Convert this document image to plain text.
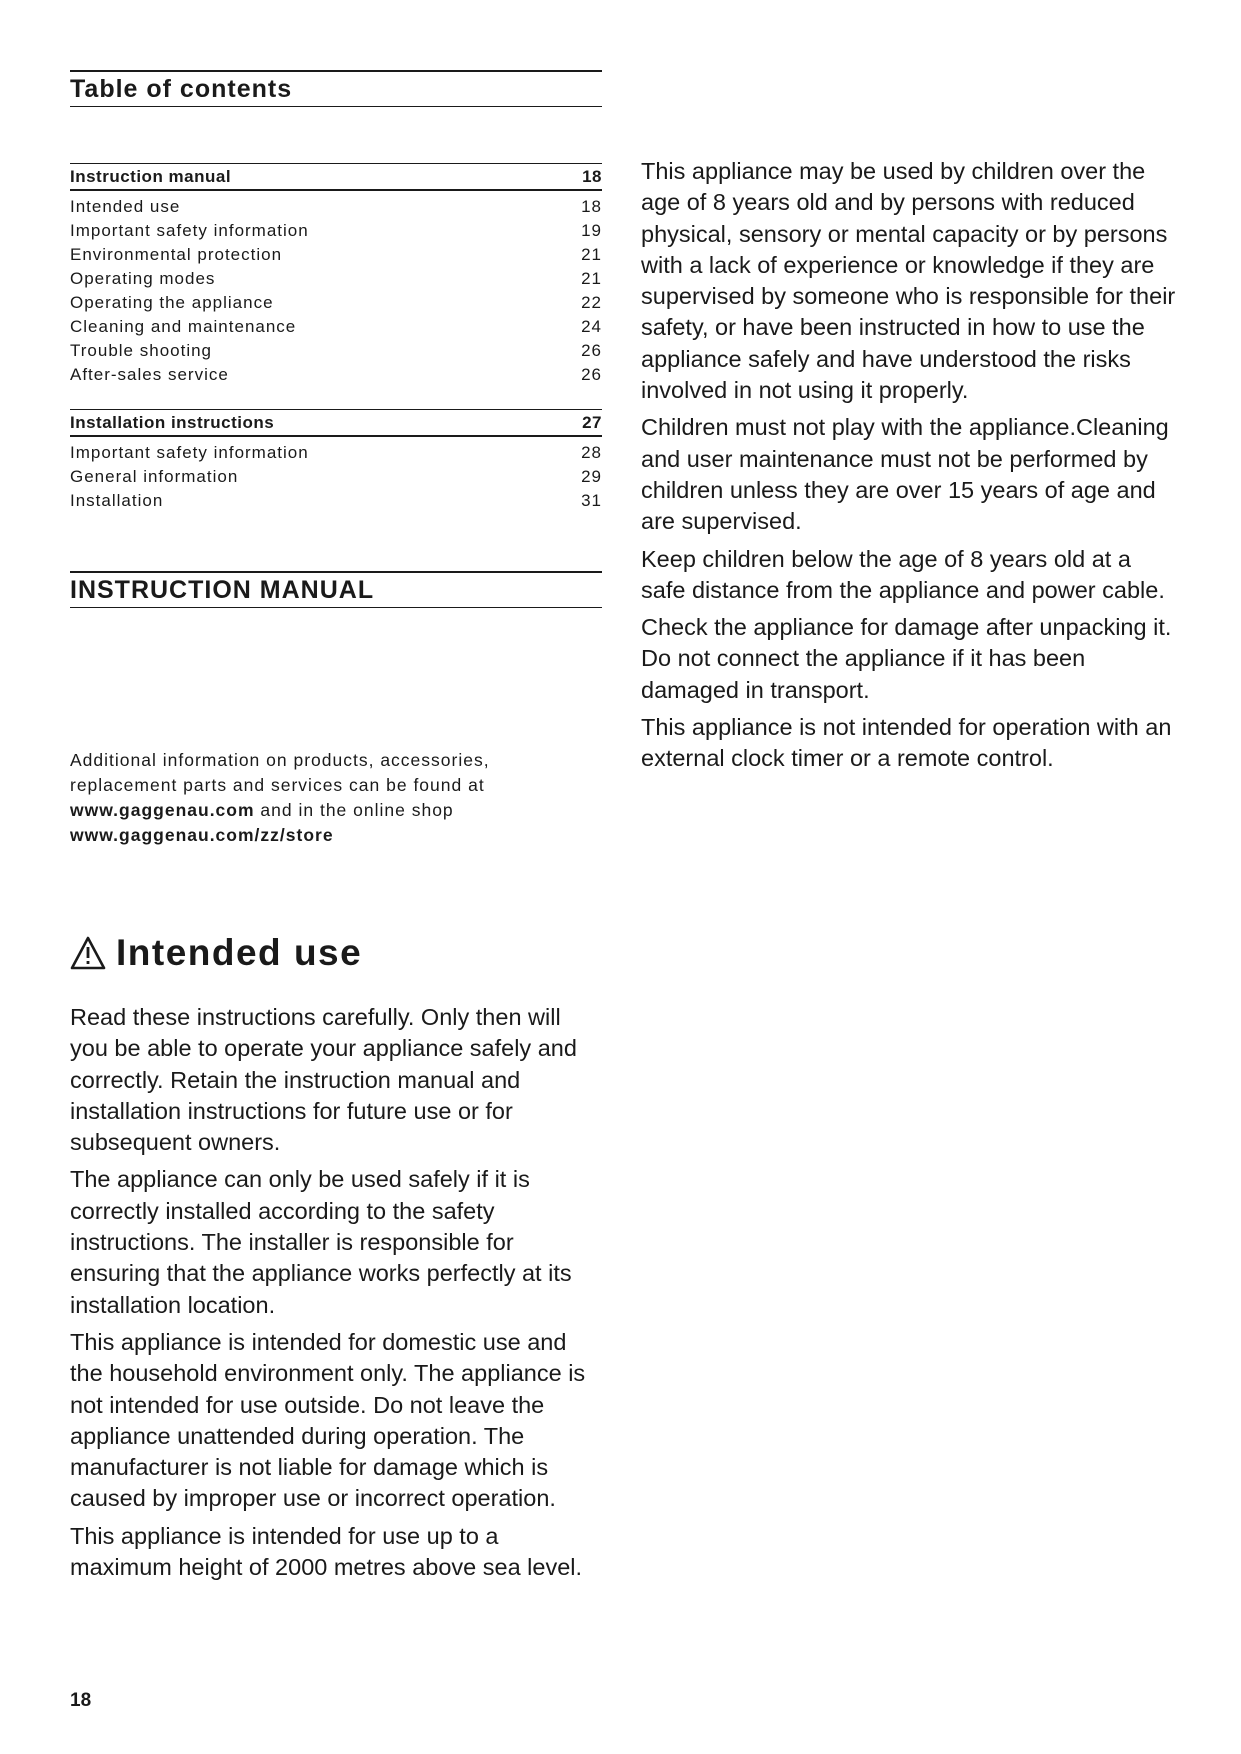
Table of contents
Instruction manual	18
Intended use	18
Important safety information	19
Environmental protection	21
Operating modes	21
Operating the appliance	22
Cleaning and maintenance	24
Trouble shooting	26
After-sales service	26
Installation instructions	27
Important safety information	28
General information	29
Installation	31
INSTRUCTION MANUAL

Additional information on products, accessories,

replacement parts and services can be found at

www.gaggenau.com and in the online shop

www.gaggenau.com/zz/store

Intended use

Read these instructions carefully. Only then will you be able to operate your appliance safely and correctly. Retain the instruction manual and installation instructions for future use or for subsequent owners.

The appliance can only be used safely if it is correctly installed according to the safety instructions. The installer is responsible for ensuring that the appliance works perfectly at its installation location.

This appliance is intended for domestic use and the household environment only. The appliance is not intended for use outside. Do not leave the appliance unattended during operation. The manufacturer is not liable for damage which is caused by improper use or incorrect operation.

This appliance is intended for use up to a maximum height of 2000 metres above sea level.

This appliance may be used by children over the age of 8 years old and by persons with reduced physical, sensory or mental capacity or by persons with a lack of experience or knowledge if they are supervised by someone who is responsible for their safety, or have been instructed in how to use the appliance safely and have understood the risks involved in not using it properly.

Children must not play with the appliance.Cleaning and user maintenance must not be performed by children unless they are over 15 years of age and are supervised.

Keep children below the age of 8 years old at a safe distance from the appliance and power cable.

Check the appliance for damage after unpacking it. Do not connect the appliance if it has been damaged in transport.

This appliance is not intended for operation with an external clock timer or a remote control.

18
